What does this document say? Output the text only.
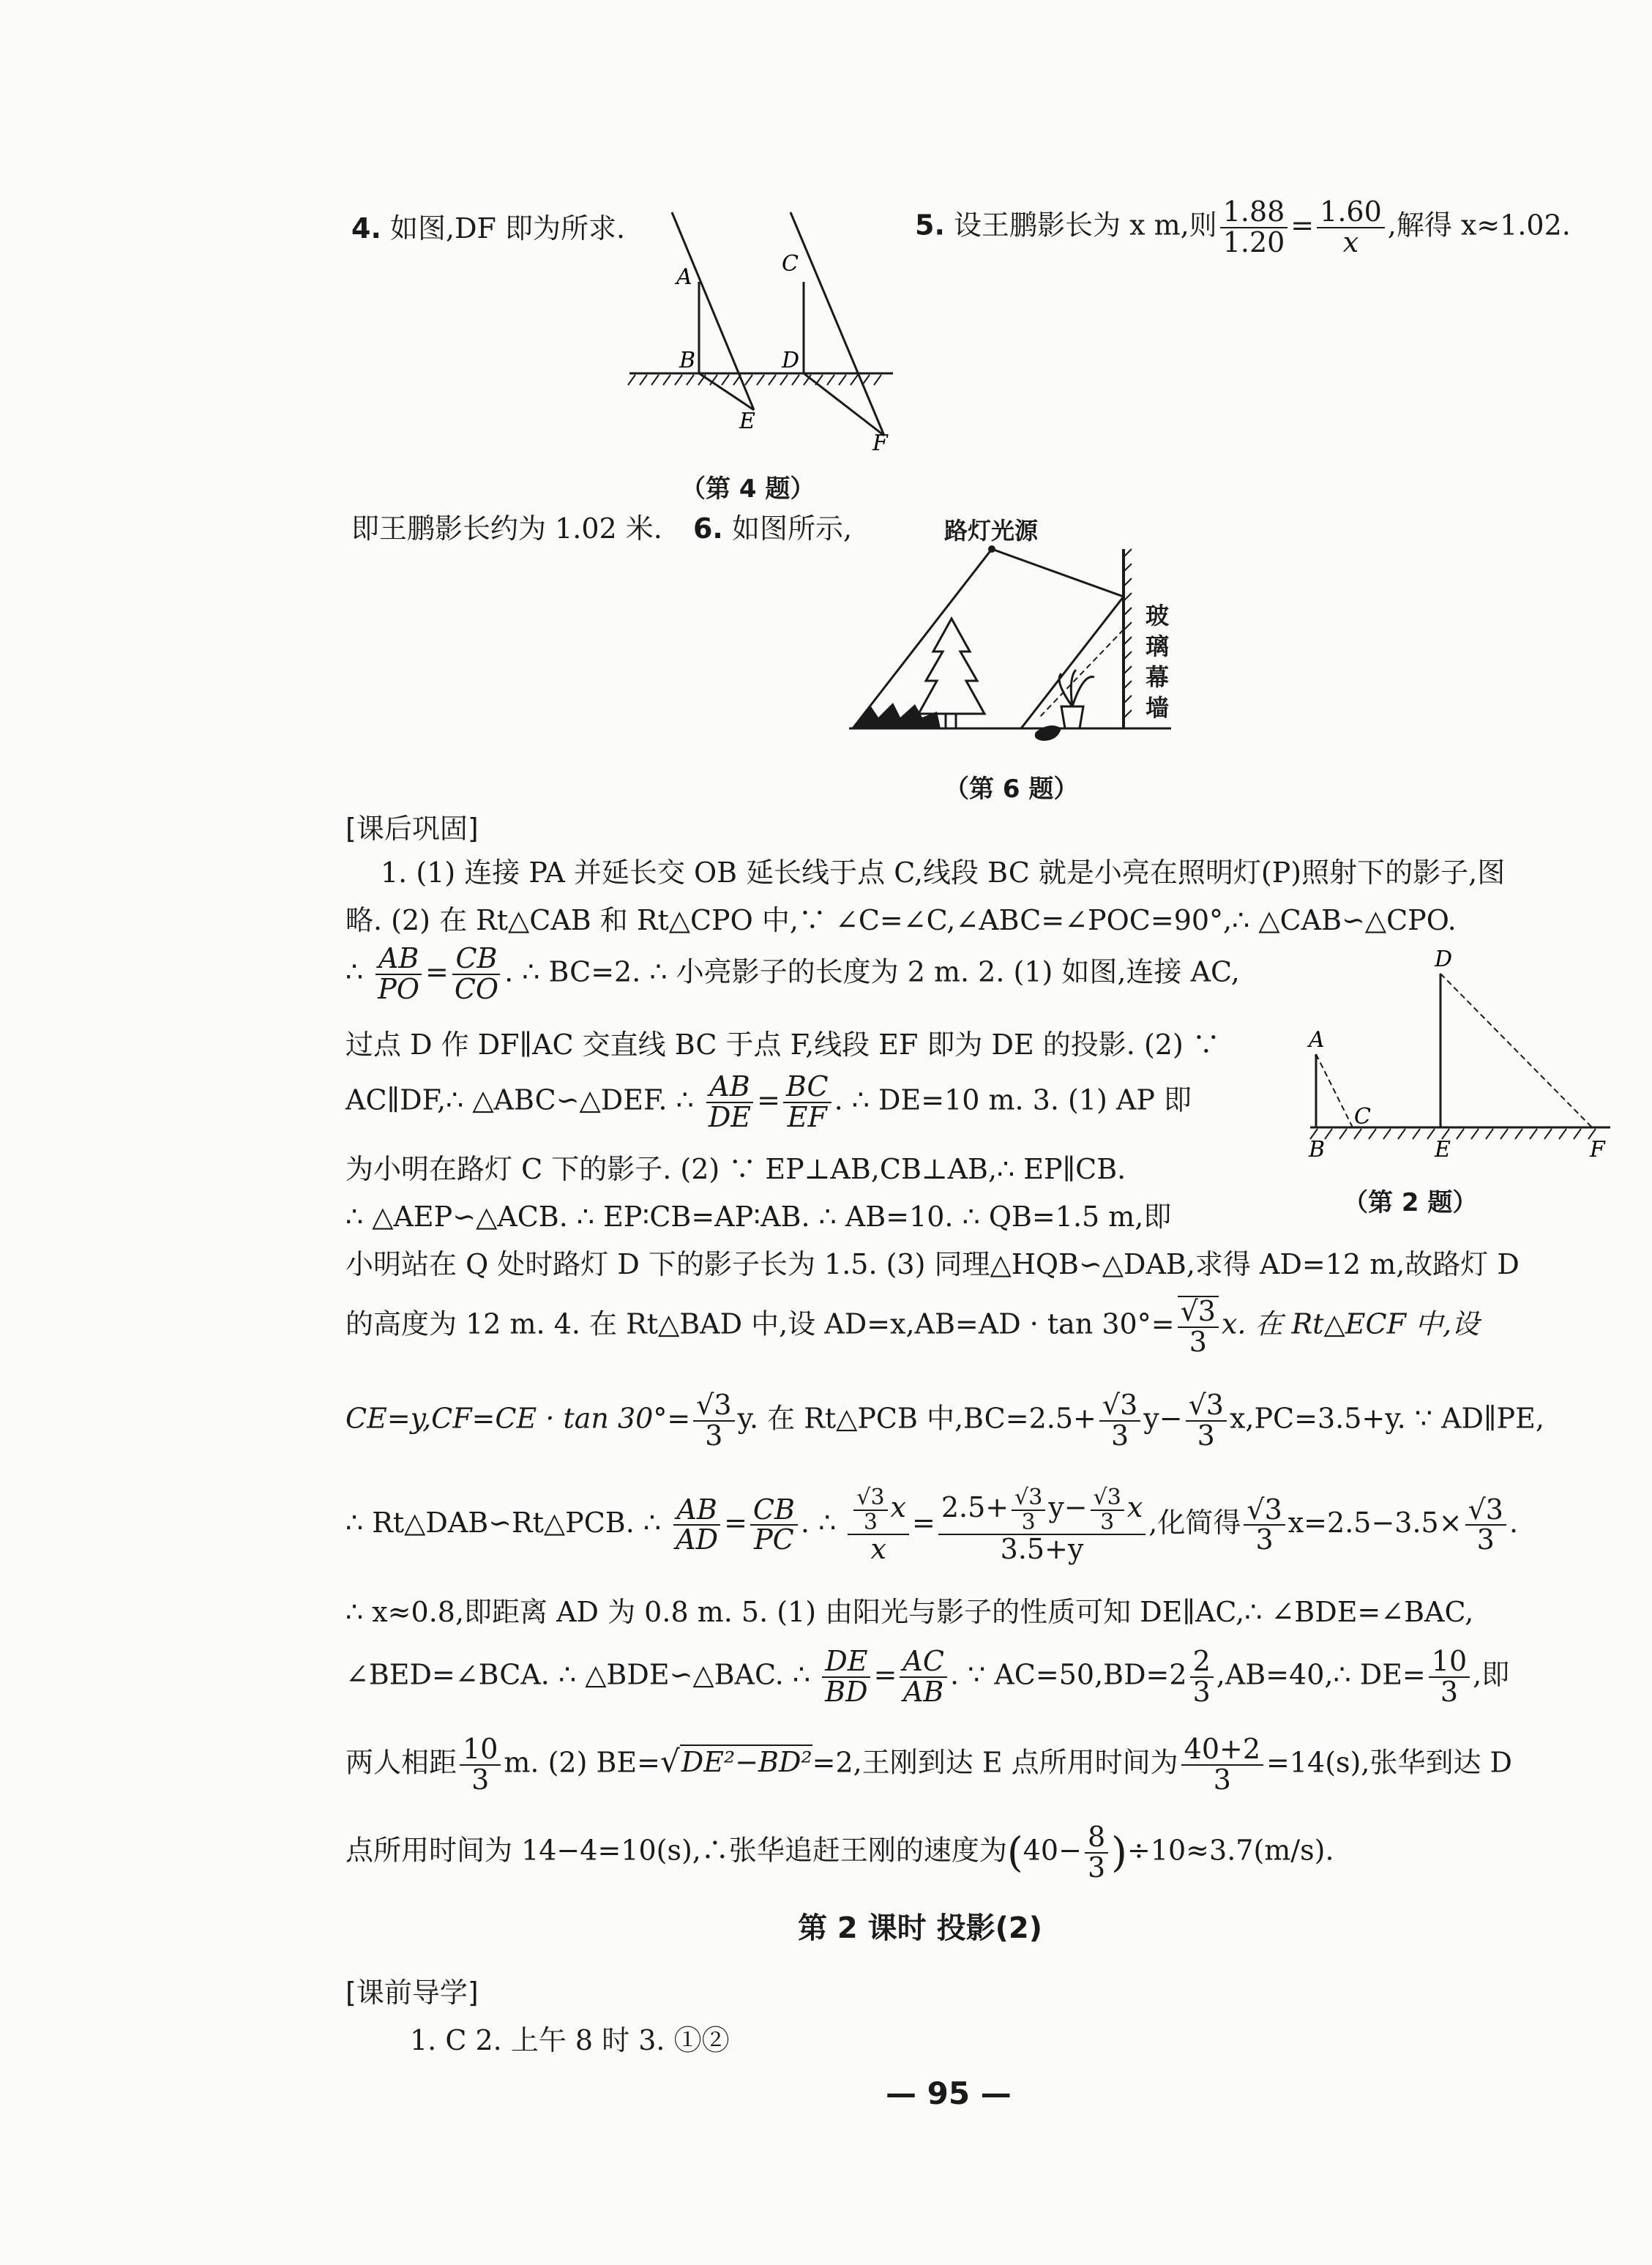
4. 如图,DF 即为所求.
A
B
C
D
E
F
5. 设王鹏影长为 x m,则 $\frac{1.88}{1.20} = \frac{1.60}{x}$ ,解得 x≈1.02.
（第 4 题）
即王鹏影长约为 1.02 米. 6. 如图所示,	路灯光源
玻
璃
幕
墙
（第 6 题）
[课后巩固]
1. (1) 连接 PA 并延长交 OB 延长线于点 C,线段 BC 就是小亮在照明灯(P)照射下的影子,图
略. (2) 在 Rt△CAB 和 Rt△CPO 中,∵ ∠C=∠C,∠ABC=∠POC=90°,∴ △CAB∽△CPO.
∴ $\frac{AB}{PO} = \frac{CB}{CO}$ . ∴ BC=2. ∴ 小亮影子的长度为 2 m. 2. (1) 如图,连接 AC,
过点 D 作 DF∥AC 交直线 BC 于点 F,线段 EF 即为 DE 的投影. (2) ∵
AC∥DF,∴ △ABC∽△DEF. ∴ $\frac{AB}{DE} = \frac{BC}{EF}$ . ∴ DE=10 m. 3. (1) AP 即
为小明在路灯 C 下的影子. (2) ∵ EP⊥AB,CB⊥AB,∴ EP∥CB.
∴ △AEP∽△ACB. ∴ EP∶CB=AP∶AB. ∴ AB=10. ∴ QB=1.5 m,即
小明站在 Q 处时路灯 D 下的影子长为 1.5. (3) 同理△HQB∽△DAB,求得 AD=12 m,故路灯 D
A
B
C
D
E	F
（第 2 题）
的高度为 12 m. 4. 在 Rt△BAD 中,设 $AD=x,AB=AD \cdot \tan 30^\circ= \frac{√3}{3} x$. 在 Rt△ECF 中,设
$CE=y,CF=CE \cdot \tan 30^\circ= \frac{√3}{3} y$. 在 Rt△PCB 中$,BC=2.5+ \frac{√3}{3} y- \frac{√3}{3} x,PC=3.5+y$. ∵ AD∥PE,
∴ Rt△DAB∽Rt△PCB. ∴ $\frac{AB}{AD} = \frac{CB}{PC}$ . ∴ $\frac{\frac{√3}{3} x}{x} = \frac{2.5+ \frac{√3}{3} y- \frac{√3}{3} x}{3.5+y}$ ,化简得 $\frac{√3}{3} x=2.5-3.5\times \frac{√3}{3}$ .
∴ x≈0.8,即距离 AD 为 0.8 m. 5. (1) 由阳光与影子的性质可知 DE∥AC,∴ ∠BDE=∠BAC,
∠BED=∠BCA. ∴ △BDE∽△BAC. ∴ $\frac{DE}{BD} = \frac{AC}{AB}$ . ∵ $AC=50,BD=2 \frac{2}{3}$ ,AB=40,∴ $DE= \frac{10}{3}$ ,即
两人相距 $\frac{10}{3} m$. (2) BE=√DE²−BD²=2,王刚到达 E 点所用时间为 $\frac{40+2}{3} =14(s)$,张华到达 D
点所用时间为 14−4=10(s),∴张华追赶王刚的速度为$(40- \frac{8}{3} )\div 10\approx 3.7(m/s)$.
第 2 课时 投影(2)
[课前导学]
1. C 2. 上午 8 时 3. ①②
— 95 —
